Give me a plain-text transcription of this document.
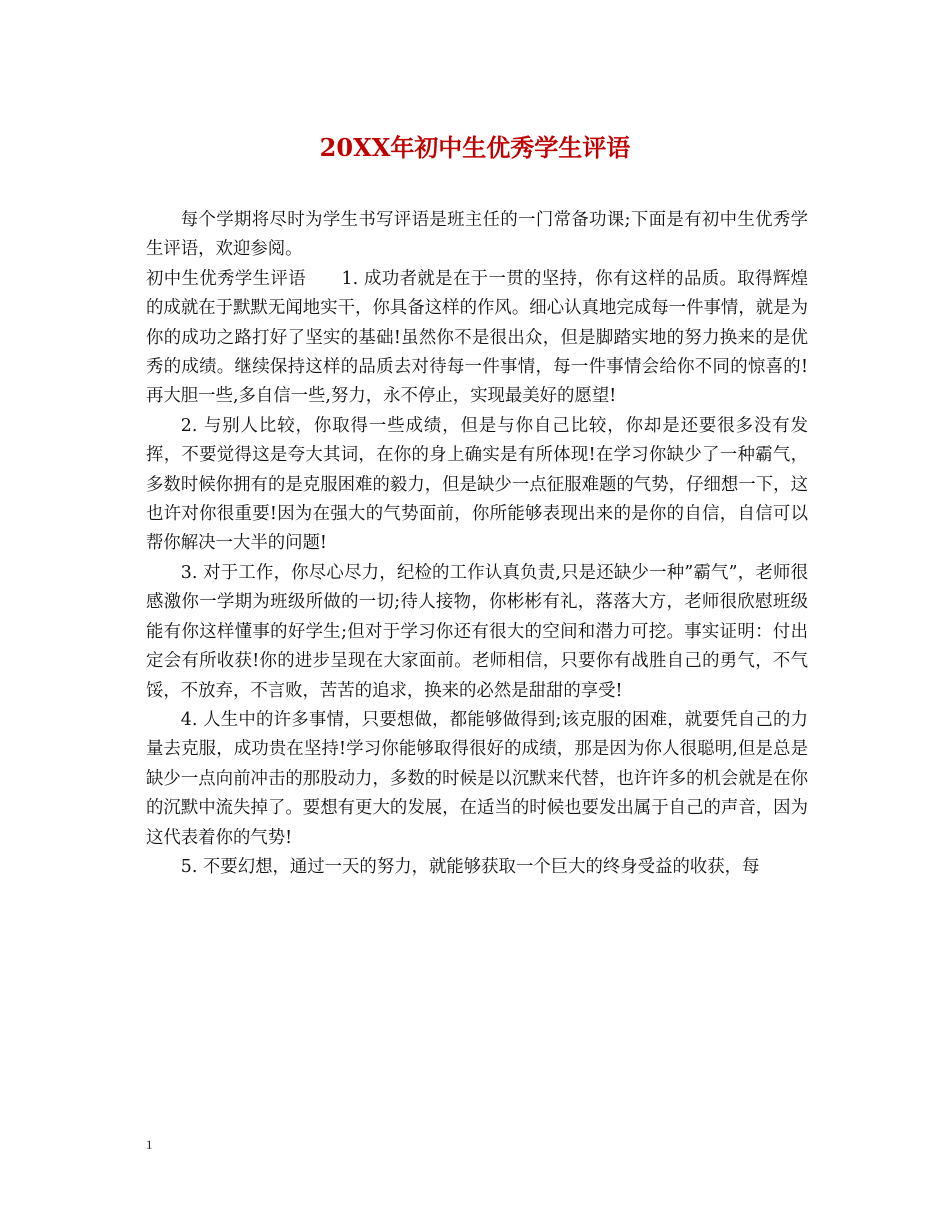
20XX年初中生优秀学生评语

每个学期将尽时为学生书写评语是班主任的一门常备功课;下面是有初中生优秀学生评语，欢迎参阅。

初中生优秀学生评语　　1. 成功者就是在于一贯的坚持，你有这样的品质。取得辉煌的成就在于默默无闻地实干，你具备这样的作风。细心认真地完成每一件事情，就是为你的成功之路打好了坚实的基础!虽然你不是很出众，但是脚踏实地的努力换来的是优秀的成绩。继续保持这样的品质去对待每一件事情，每一件事情会给你不同的惊喜的!再大胆一些,多自信一些,努力，永不停止，实现最美好的愿望!

2. 与别人比较，你取得一些成绩，但是与你自己比较，你却是还要很多没有发挥，不要觉得这是夸大其词，在你的身上确实是有所体现!在学习你缺少了一种霸气，多数时候你拥有的是克服困难的毅力，但是缺少一点征服难题的气势，仔细想一下，这也许对你很重要!因为在强大的气势面前，你所能够表现出来的是你的自信，自信可以帮你解决一大半的问题!

3. 对于工作，你尽心尽力，纪检的工作认真负责,只是还缺少一种”霸气”，老师很感激你一学期为班级所做的一切;待人接物，你彬彬有礼，落落大方，老师很欣慰班级能有你这样懂事的好学生;但对于学习你还有很大的空间和潜力可挖。事实证明：付出定会有所收获!你的进步呈现在大家面前。老师相信，只要你有战胜自己的勇气，不气馁，不放弃，不言败，苦苦的追求，换来的必然是甜甜的享受!

4. 人生中的许多事情，只要想做，都能够做得到;该克服的困难，就要凭自己的力量去克服，成功贵在坚持!学习你能够取得很好的成绩，那是因为你人很聪明,但是总是缺少一点向前冲击的那股动力，多数的时候是以沉默来代替，也许许多的机会就是在你的沉默中流失掉了。要想有更大的发展，在适当的时候也要发出属于自己的声音，因为这代表着你的气势!

5. 不要幻想，通过一天的努力，就能够获取一个巨大的终身受益的收获，每

1
